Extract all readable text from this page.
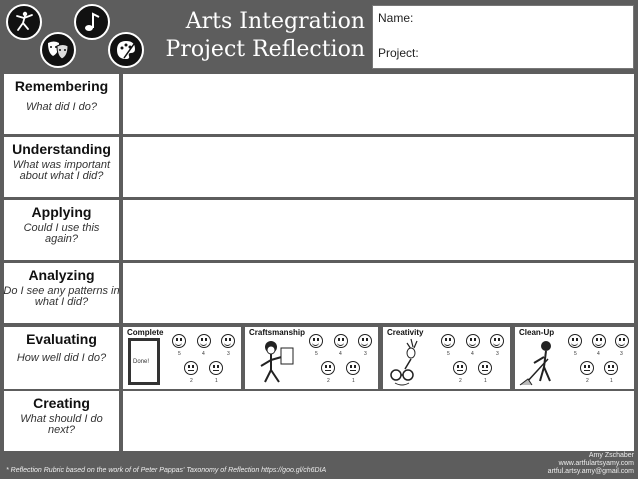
Arts Integration
Project Reflection
Name:
Project:
Remembering
What did I do?
Understanding
What was important about what I did?
Applying
Could I use this again?
Analyzing
Do I see any patterns in what I did?
Evaluating
How well did I do?
Complete
Done!
5	4	3
2	1
Craftsmanship
5	4	3
2	1
Creativity
5	4	3
2	1
Clean-Up
5	4	3
2	1
Creating
What should I do next?
* Reflection Rubric based on the work of of Peter Pappas' Taxonomy of Reflection https://goo.gl/ch6DIA
Amy Zschaber
www.artfulartsyamy.com
artful.artsy.amy@gmail.com
